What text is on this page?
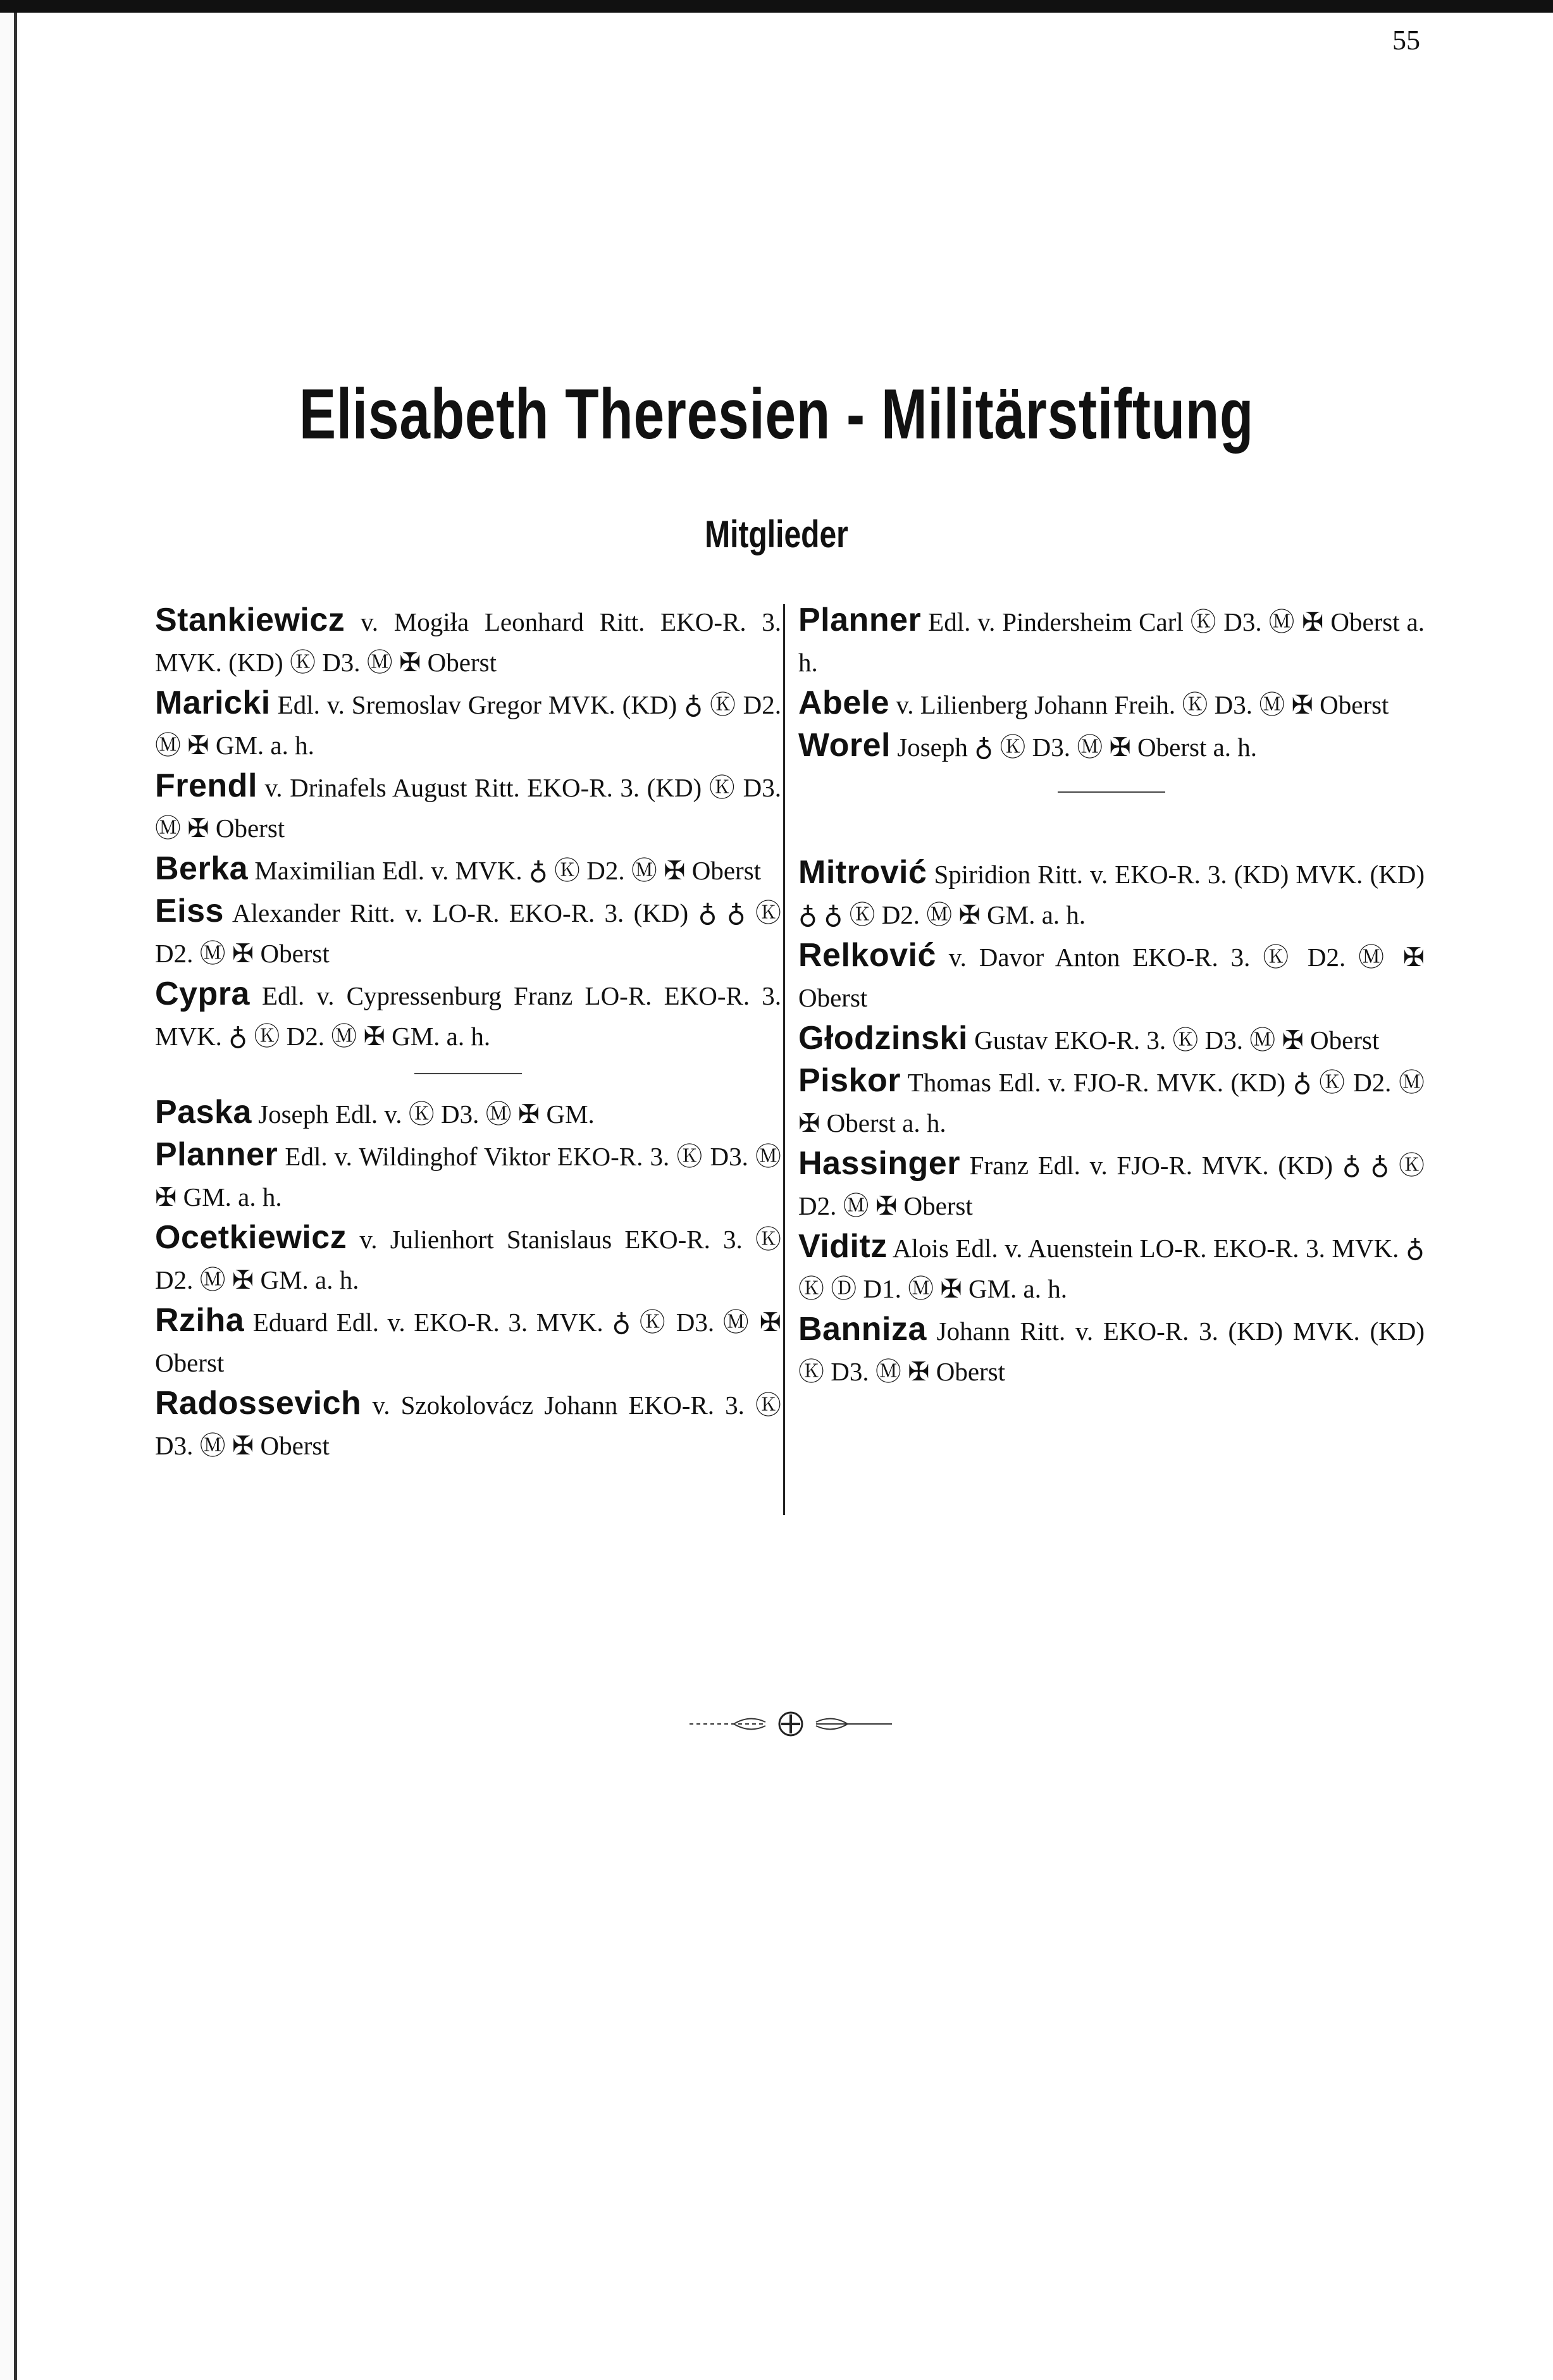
55
Elisabeth Theresien - Militärstiftung
Mitglieder

Stankiewicz v. Mogiła Leonhard Ritt. EKO-R. 3. MVK. (KD) Ⓚ D3. Ⓜ ✠ Oberst

Maricki Edl. v. Sremoslav Gregor MVK. (KD) ♁ Ⓚ D2. Ⓜ ✠ GM. a. h.

Frendl v. Drinafels August Ritt. EKO-R. 3. (KD) Ⓚ D3. Ⓜ ✠ Oberst

Berka Maximilian Edl. v. MVK. ♁ Ⓚ D2. Ⓜ ✠ Oberst

Eiss Alexander Ritt. v. LO-R. EKO-R. 3. (KD) ♁ ♁ Ⓚ D2. Ⓜ ✠ Oberst

Cypra Edl. v. Cypressenburg Franz LO-R. EKO-R. 3. MVK. ♁ Ⓚ D2. Ⓜ ✠ GM. a. h.

Paska Joseph Edl. v. Ⓚ D3. Ⓜ ✠ GM.

Planner Edl. v. Wildinghof Viktor EKO-R. 3. Ⓚ D3. Ⓜ ✠ GM. a. h.

Ocetkiewicz v. Julienhort Stanislaus EKO-R. 3. Ⓚ D2. Ⓜ ✠ GM. a. h.

Rziha Eduard Edl. v. EKO-R. 3. MVK. ♁ Ⓚ D3. Ⓜ ✠ Oberst

Radossevich v. Szokolovácz Johann EKO-R. 3. Ⓚ D3. Ⓜ ✠ Oberst

Planner Edl. v. Pindersheim Carl Ⓚ D3. Ⓜ ✠ Oberst a. h.

Abele v. Lilienberg Johann Freih. Ⓚ D3. Ⓜ ✠ Oberst

Worel Joseph ♁ Ⓚ D3. Ⓜ ✠ Oberst a. h.

Mitrović Spiridion Ritt. v. EKO-R. 3. (KD) MVK. (KD) ♁ ♁ Ⓚ D2. Ⓜ ✠ GM. a. h.

Relković v. Davor Anton EKO-R. 3. Ⓚ D2. Ⓜ ✠ Oberst

Głodzinski Gustav EKO-R. 3. Ⓚ D3. Ⓜ ✠ Oberst

Piskor Thomas Edl. v. FJO-R. MVK. (KD) ♁ Ⓚ D2. Ⓜ ✠ Oberst a. h.

Hassinger Franz Edl. v. FJO-R. MVK. (KD) ♁ ♁ Ⓚ D2. Ⓜ ✠ Oberst

Viditz Alois Edl. v. Auenstein LO-R. EKO-R. 3. MVK. ♁ Ⓚ Ⓓ D1. Ⓜ ✠ GM. a. h.

Banniza Johann Ritt. v. EKO-R. 3. (KD) MVK. (KD) Ⓚ D3. Ⓜ ✠ Oberst
